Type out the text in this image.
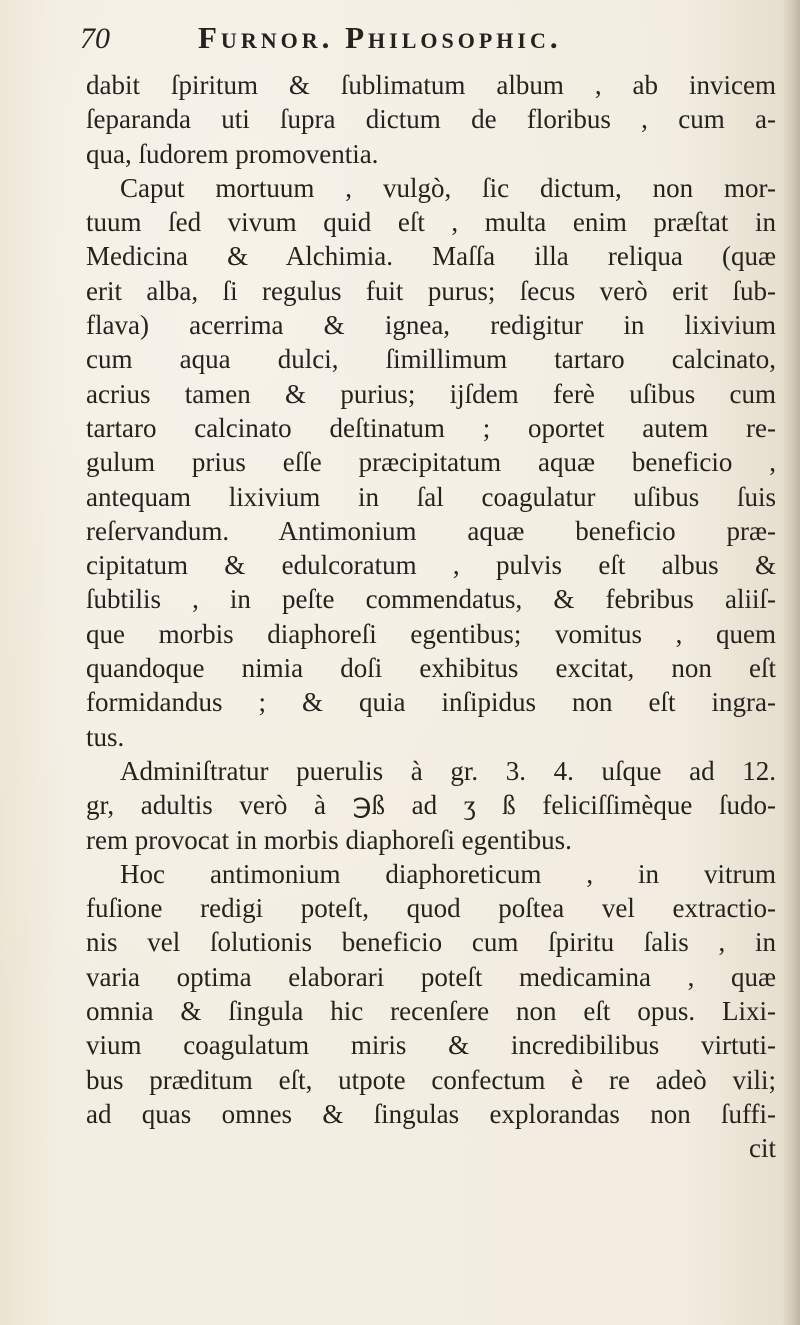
70	Furnor. Philosophic.
dabit ſpiritum & ſublimatum album , ab invicem
ſeparanda uti ſupra dictum de floribus , cum a-
qua, ſudorem promoventia.
Caput mortuum , vulgò, ſic dictum, non mor-
tuum ſed vivum quid eſt , multa enim præſtat in
Medicina & Alchimia. Maſſa illa reliqua (quæ
erit alba, ſi regulus fuit purus; ſecus verò erit ſub-
flava) acerrima & ignea, redigitur in lixivium
cum aqua dulci, ſimillimum tartaro calcinato,
acrius tamen & purius; ijſdem ferè uſibus cum
tartaro calcinato deſtinatum ; oportet autem re-
gulum prius eſſe præcipitatum aquæ beneficio ,
antequam lixivium in ſal coagulatur uſibus ſuis
reſervandum. Antimonium aquæ beneficio præ-
cipitatum & edulcoratum , pulvis eſt albus &
ſubtilis , in peſte commendatus, & febribus aliiſ-
que morbis diaphoreſi egentibus; vomitus , quem
quandoque nimia doſi exhibitus excitat, non eſt
formidandus ; & quia inſipidus non eſt ingra-
tus.
Adminiſtratur puerulis à gr. 3. 4. uſque ad 12.
gr, adultis verò à ℈ß ad ʒ ß feliciſſimèque ſudo-
rem provocat in morbis diaphoreſi egentibus.
Hoc antimonium diaphoreticum , in vitrum
fuſione redigi poteſt, quod poſtea vel extractio-
nis vel ſolutionis beneficio cum ſpiritu ſalis , in
varia optima elaborari poteſt medicamina , quæ
omnia & ſingula hic recenſere non eſt opus. Lixi-
vium coagulatum miris & incredibilibus virtuti-
bus præditum eſt, utpote confectum è re adeò vili;
ad quas omnes & ſingulas explorandas non ſuffi-
cit
